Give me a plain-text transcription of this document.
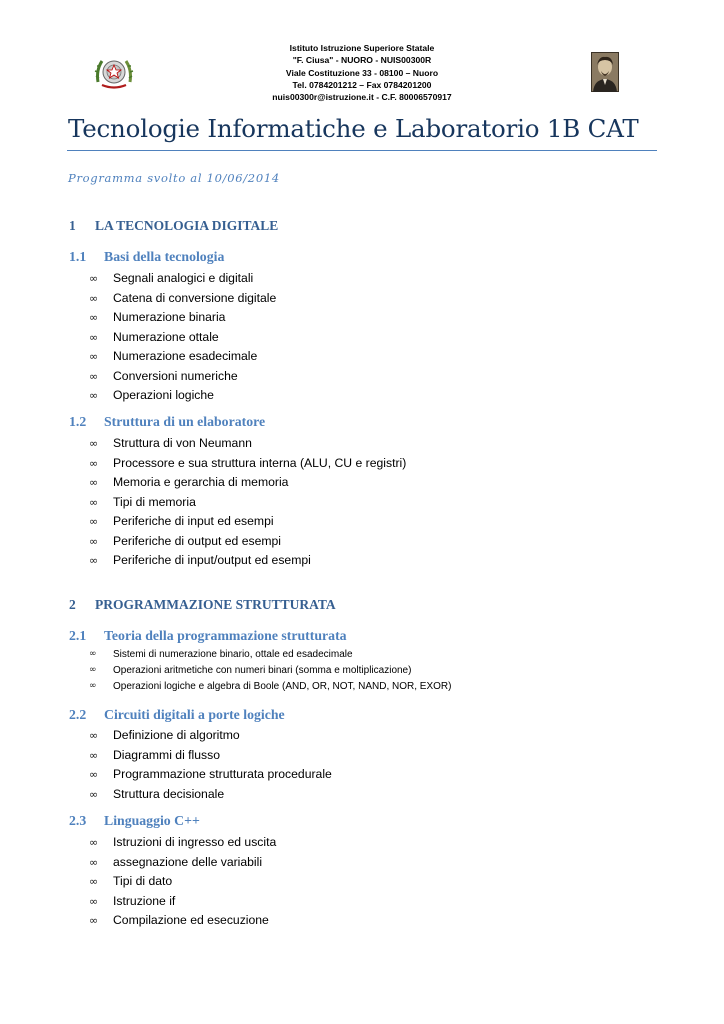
Istituto Istruzione Superiore Statale
"F. Ciusa" - NUORO - NUIS00300R
Viale Costituzione 33 - 08100 – Nuoro
Tel. 0784201212 – Fax 0784201200
nuis00300r@istruzione.it - C.F. 80006570917
Tecnologie Informatiche e Laboratorio 1B CAT
Programma svolto al 10/06/2014
1 LA TECNOLOGIA DIGITALE
1.1 Basi della tecnologia
∞ Segnali analogici e digitali
∞ Catena di conversione digitale
∞ Numerazione binaria
∞ Numerazione ottale
∞ Numerazione esadecimale
∞ Conversioni numeriche
∞ Operazioni logiche
1.2 Struttura di un elaboratore
∞ Struttura di von Neumann
∞ Processore e sua struttura interna (ALU, CU e registri)
∞ Memoria e gerarchia di memoria
∞ Tipi di memoria
∞ Periferiche di input ed esempi
∞ Periferiche di output ed esempi
∞ Periferiche di input/output ed esempi
2 PROGRAMMAZIONE STRUTTURATA
2.1 Teoria della programmazione strutturata
∞ Sistemi di numerazione binario, ottale ed esadecimale
∞ Operazioni aritmetiche con numeri binari (somma e moltiplicazione)
∞ Operazioni logiche e algebra di Boole (AND, OR, NOT, NAND, NOR, EXOR)
2.2 Circuiti digitali a porte logiche
∞ Definizione di algoritmo
∞ Diagrammi di flusso
∞ Programmazione strutturata procedurale
∞ Struttura decisionale
2.3 Linguaggio C++
∞ Istruzioni di ingresso ed uscita
∞ assegnazione delle variabili
∞ Tipi di dato
∞ Istruzione if
∞ Compilazione ed esecuzione
